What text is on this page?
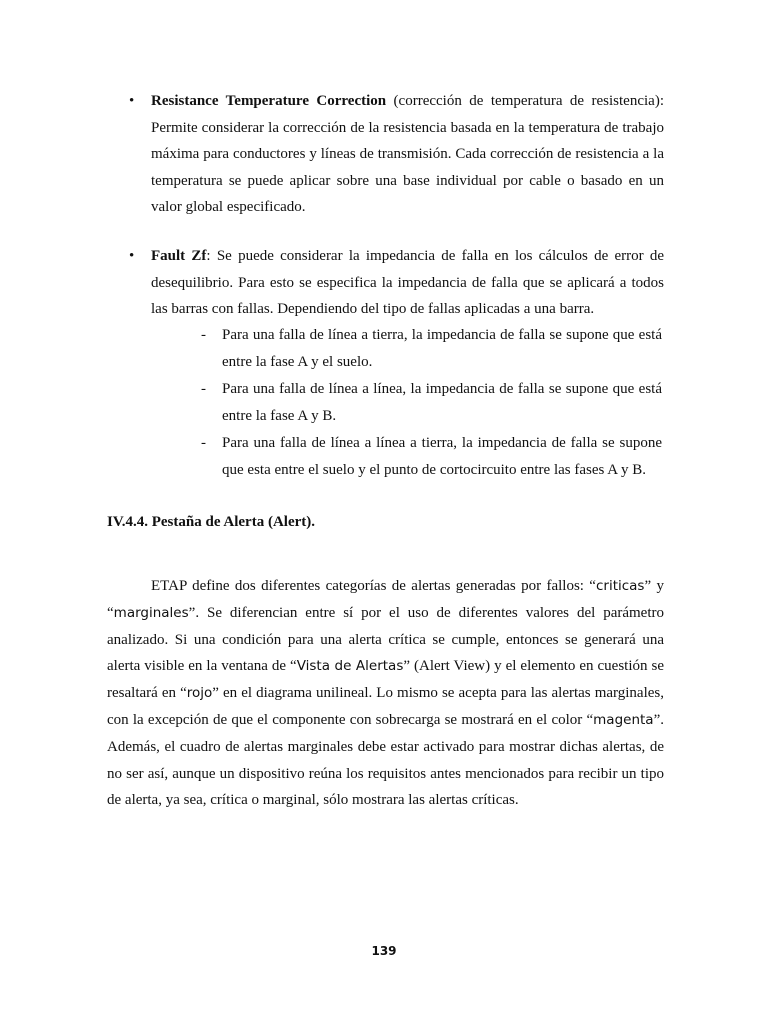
• Resistance Temperature Correction (corrección de temperatura de resistencia): Permite considerar la corrección de la resistencia basada en la temperatura de trabajo máxima para conductores y líneas de transmisión. Cada corrección de resistencia a la temperatura se puede aplicar sobre una base individual por cable o basado en un valor global especificado.
• Fault Zf: Se puede considerar la impedancia de falla en los cálculos de error de desequilibrio. Para esto se especifica la impedancia de falla que se aplicará a todos las barras con fallas. Dependiendo del tipo de fallas aplicadas a una barra.
- Para una falla de línea a tierra, la impedancia de falla se supone que está entre la fase A y el suelo.
- Para una falla de línea a línea, la impedancia de falla se supone que está entre la fase A y B.
- Para una falla de línea a línea a tierra, la impedancia de falla se supone que esta entre el suelo y el punto de cortocircuito entre las fases A y B.
IV.4.4. Pestaña de Alerta (Alert).
ETAP define dos diferentes categorías de alertas generadas por fallos: “criticas” y “marginales”. Se diferencian entre sí por el uso de diferentes valores del parámetro analizado. Si una condición para una alerta crítica se cumple, entonces se generará una alerta visible en la ventana de “Vista de Alertas” (Alert View) y el elemento en cuestión se resaltará en “rojo” en el diagrama unilineal. Lo mismo se acepta para las alertas marginales, con la excepción de que el componente con sobrecarga se mostrará en el color “magenta”. Además, el cuadro de alertas marginales debe estar activado para mostrar dichas alertas, de no ser así, aunque un dispositivo reúna los requisitos antes mencionados para recibir un tipo de alerta, ya sea, crítica o marginal, sólo mostrara las alertas críticas.
139
